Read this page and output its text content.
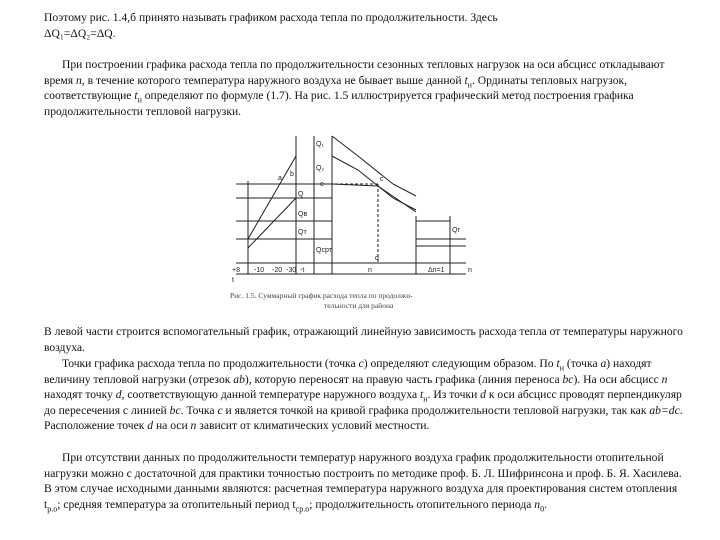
Поэтому рис. 1.4,б принято называть графиком расхода тепла по продолжительности. Здесь
ΔQ₁=ΔQ₂=ΔQ.

При построении графика расхода тепла по продолжительности сезонных тепловых нагрузок на оси абсцисс откладывают время n, в течение которого температура наружного воздуха не бывает выше данной $t_н$. Ординаты тепловых нагрузок, соответствующие $t_н$ определяют по формуле (1.7). На рис. 1.5 иллюстрируется графический метод построения графика продолжительности тепловой нагрузки.

a
b
c
d
e
+8 -10 -20 -30 -t
t
n	Δn=1	n
Q₁
Q₂
Q
Qв
Qт
Qсрт
Qг
Рис. 1.5. Суммарный график расхода тепла по продолжи-
тельности для района

В левой части строится вспомогательный график, отражающий линейную зависимость расхода тепла от температуры наружного воздуха.

Точки графика расхода тепла по продолжительности (точка c) определяют следующим образом. По $t_н$ (точка a) находят величину тепловой нагрузки (отрезок ab), которую переносят на правую часть графика (линия переноса bc). На оси абсцисс n находят точку d, соответствующую данной температуре наружного воздуха $t_н$. Из точки d к оси абсцисс проводят перпендикуляр до пересечения с линией bc. Точка c и является точкой на кривой графика продолжительности тепловой нагрузки, так как ab=dc. Расположение точек d на оси n зависит от климатических условий местности.

При отсутствии данных по продолжительности температур наружного воздуха график продолжительности отопительной нагрузки можно с достаточной для практики точностью построить по методике проф. Б. Л. Шифринсона и проф. Б. Я. Хасилева. В этом случае исходными данными являются: расчетная температура наружного воздуха для проектирования систем отопления $t_{р.о}$; средняя температура за отопительный период $t_{ср.о}$; продолжительность отопительного периода $n_0$.
